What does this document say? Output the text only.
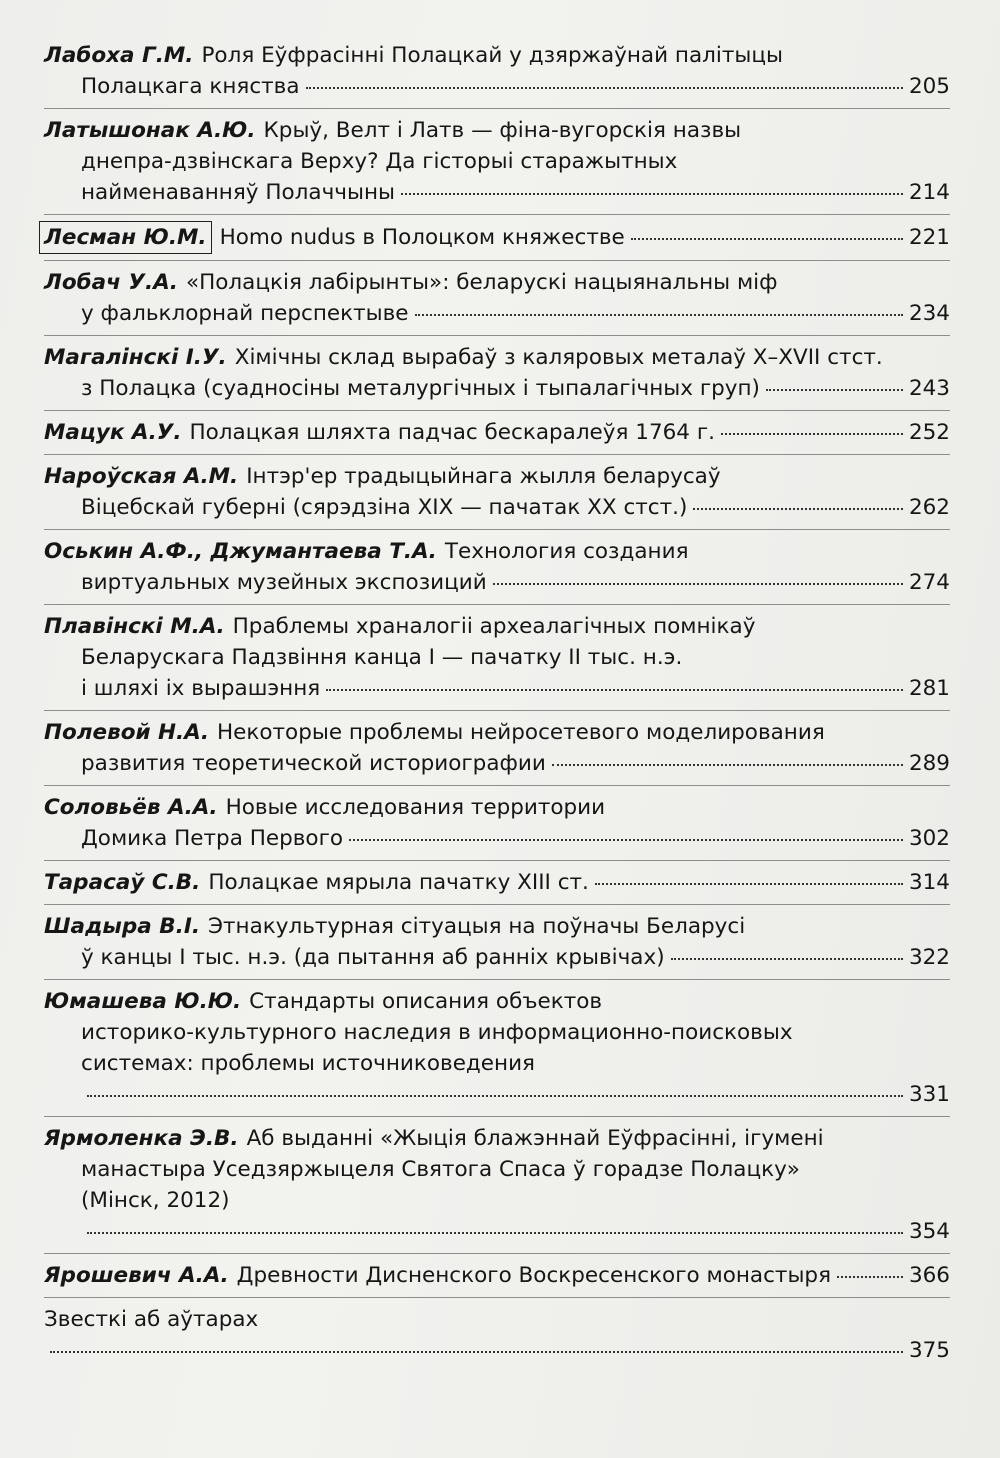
Лабоха Г.М. Роля Еўфрасінні Полацкай у дзяржаўнай палітыцы
Полацкага княства	205
Латышонак А.Ю. Крыў, Велт і Латв — фіна-вугорскія назвы
днепра-дзвінскага Верху? Да гісторыі старажытных
найменаванняў Полаччыны	214
Лесман Ю.М. Homo nudus в Полоцком княжестве	221
Лобач У.А. «Полацкія лабірынты»: беларускі нацыянальны міф
у фальклорнай перспектыве	234
Магалінскі І.У. Хімічны склад вырабаў з каляровых металаў X–XVII стст.
з Полацка (суадносіны металургічных і тыпалагічных груп)	243
Мацук А.У. Полацкая шляхта падчас бескаралеўя 1764 г.	252
Нароўская А.М. Інтэр'ер традыцыйнага жылля беларусаў
Віцебскай губерні (сярэдзіна XIX — пачатак XX стст.)	262
Оськин А.Ф., Джумантаева Т.А. Технология создания
виртуальных музейных экспозиций	274
Плавінскі М.А. Праблемы храналогіі археалагічных помнікаў
Беларускага Падзвіння канца I — пачатку II тыс. н.э.
і шляхі іх вырашэння	281
Полевой Н.А. Некоторые проблемы нейросетевого моделирования
развития теоретической историографии	289
Соловьёв А.А. Новые исследования территории
Домика Петра Первого	302
Тарасаў С.В. Полацкае мярыла пачатку XIII ст.	314
Шадыра В.І. Этнакультурная сітуацыя на поўначы Беларусі
ў канцы I тыс. н.э. (да пытання аб ранніх крывічах)	322
Юмашева Ю.Ю. Стандарты описания объектов
историко-культурного наследия в информационно-поисковых
системах: проблемы источниковедения
331
Ярмоленка Э.В. Аб выданні «Жыція блажэннай Еўфрасінні, ігумені
манастыра Уседзяржыцеля Святога Спаса ў горадзе Полацку»
(Мінск, 2012)
354
Ярошевич А.А. Древности Дисненского Воскресенского монастыря	366
Звесткі аб аўтарах
375
